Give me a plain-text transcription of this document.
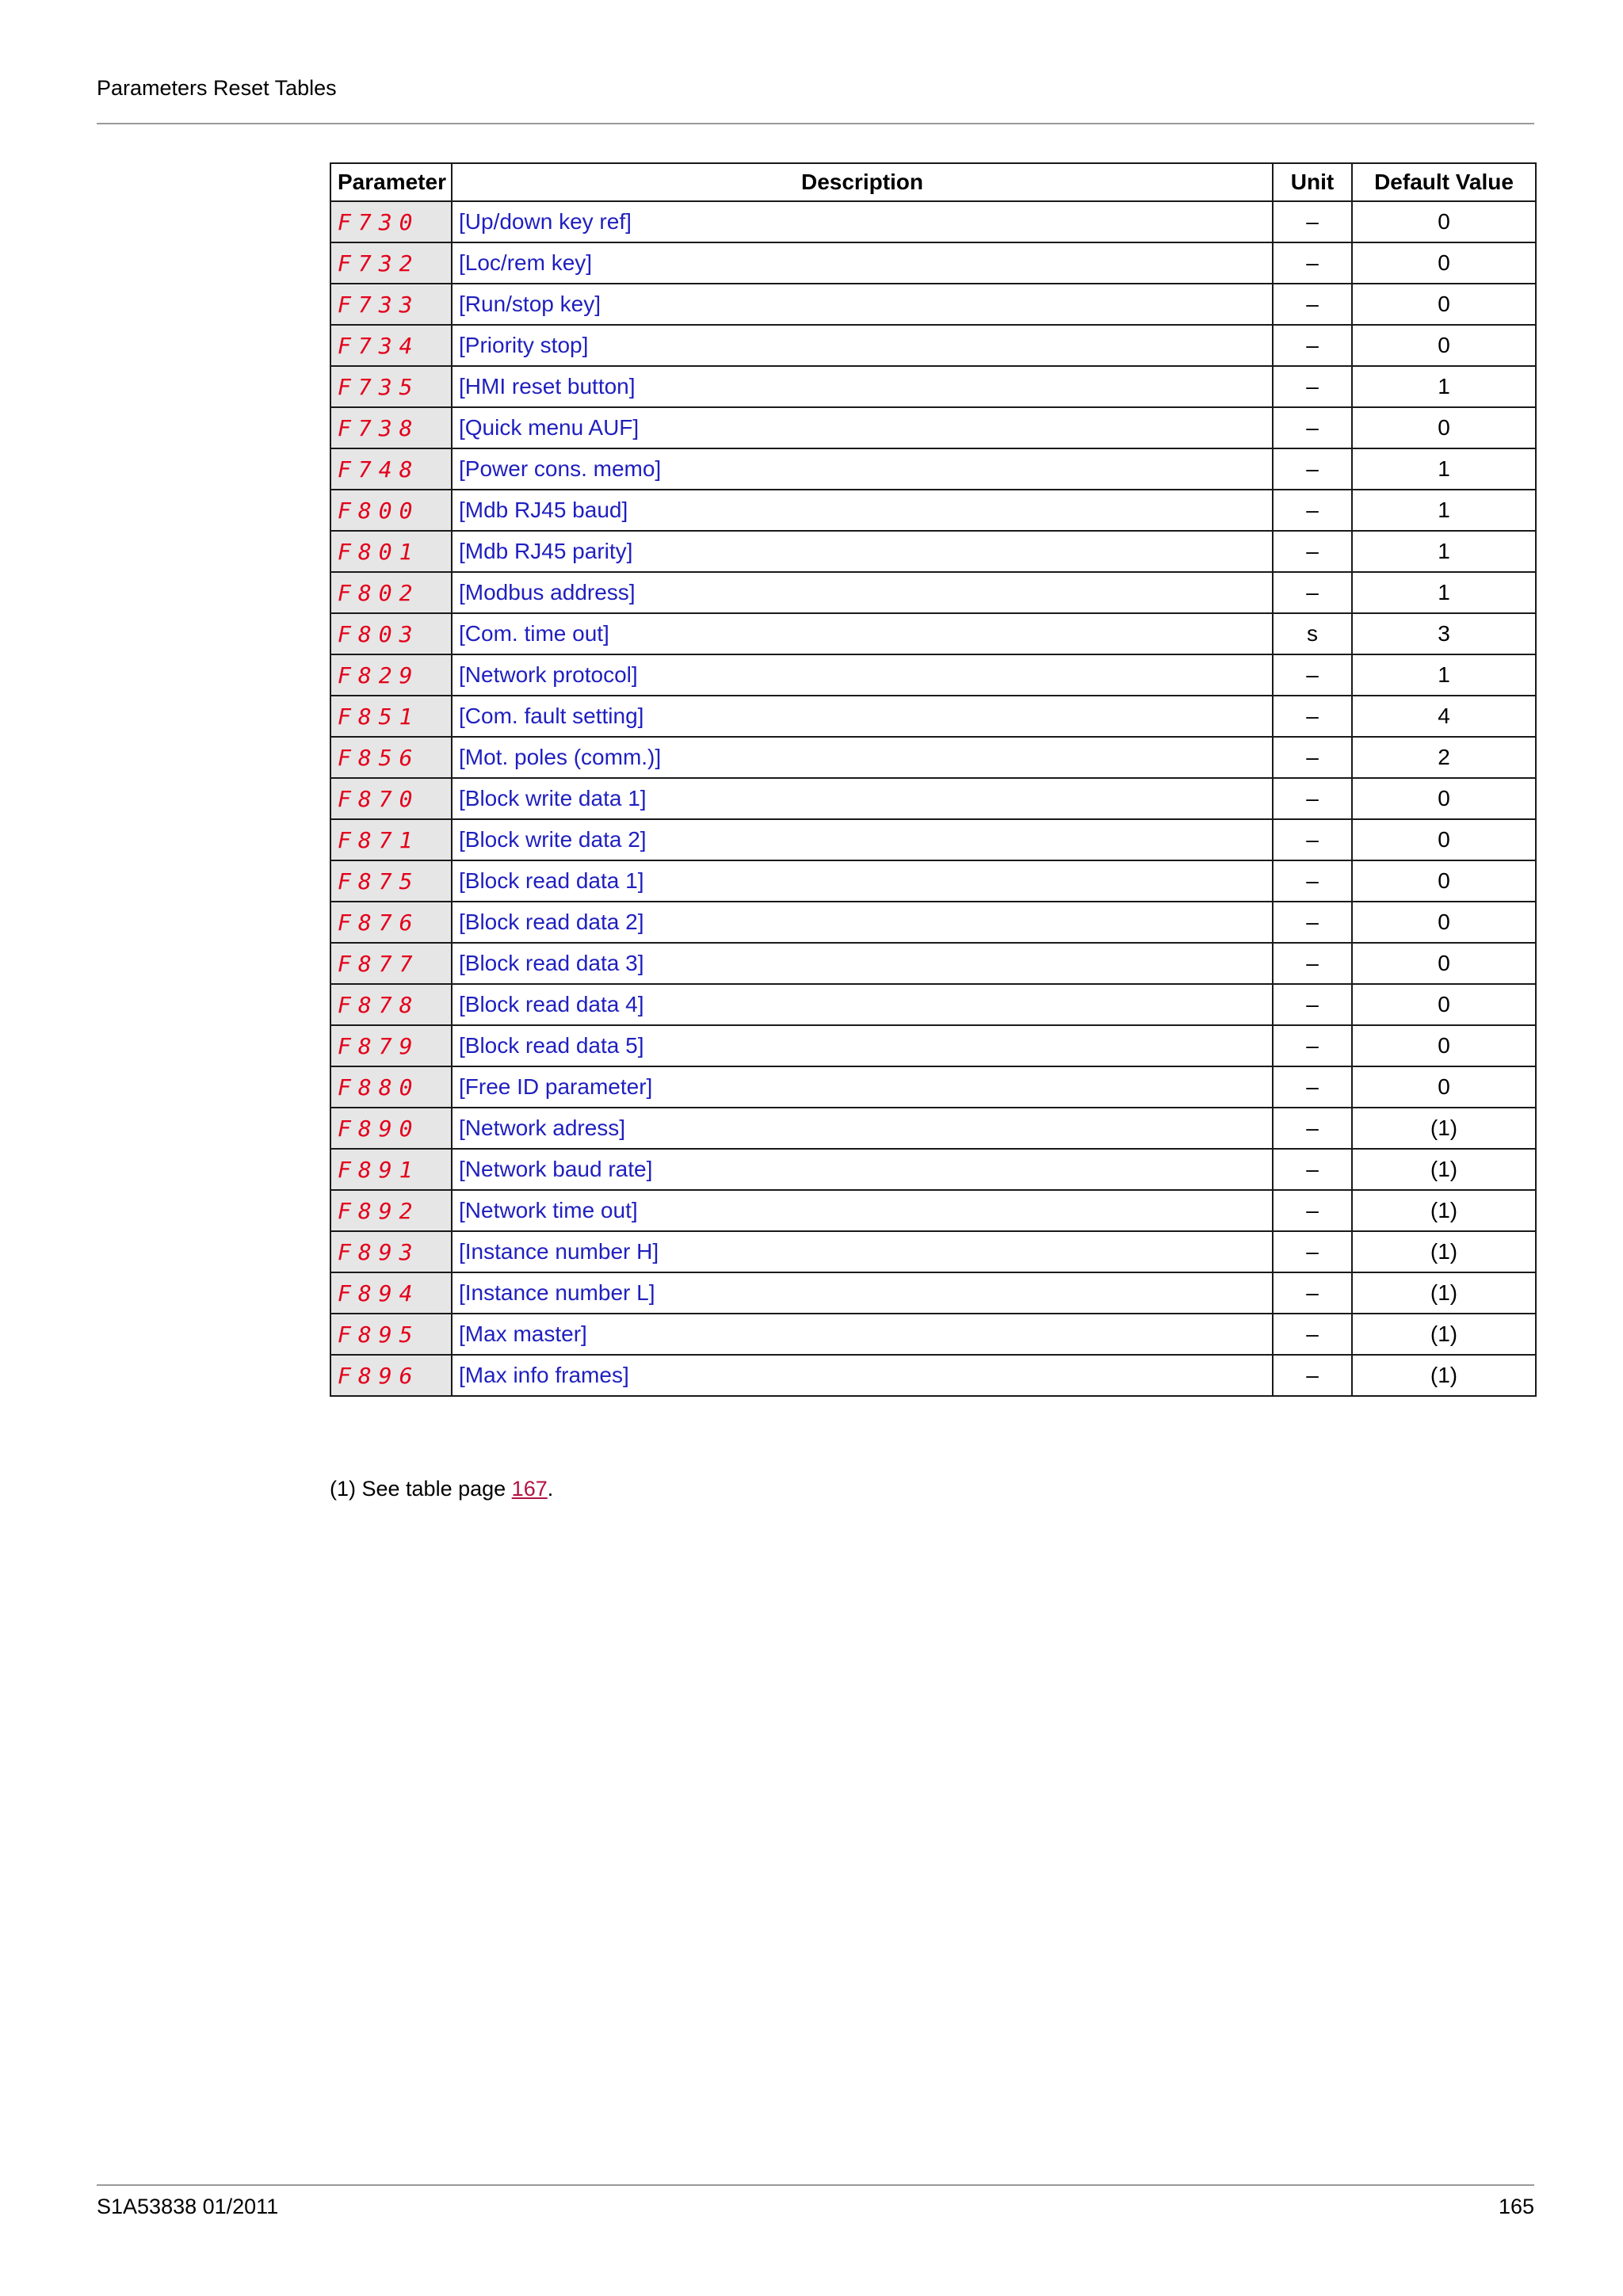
Parameters Reset Tables
Parameter	Description	Unit	Default Value
F730	[Up/down key ref]	–	0
F732	[Loc/rem key]	–	0
F733	[Run/stop key]	–	0
F734	[Priority stop]	–	0
F735	[HMI reset button]	–	1
F738	[Quick menu AUF]	–	0
F748	[Power cons. memo]	–	1
F800	[Mdb RJ45 baud]	–	1
F801	[Mdb RJ45 parity]	–	1
F802	[Modbus address]	–	1
F803	[Com. time out]	s	3
F829	[Network protocol]	–	1
F851	[Com. fault setting]	–	4
F856	[Mot. poles (comm.)]	–	2
F870	[Block write data 1]	–	0
F871	[Block write data 2]	–	0
F875	[Block read data 1]	–	0
F876	[Block read data 2]	–	0
F877	[Block read data 3]	–	0
F878	[Block read data 4]	–	0
F879	[Block read data 5]	–	0
F880	[Free ID parameter]	–	0
F890	[Network adress]	–	(1)
F891	[Network baud rate]	–	(1)
F892	[Network time out]	–	(1)
F893	[Instance number H]	–	(1)
F894	[Instance number L]	–	(1)
F895	[Max master]	–	(1)
F896	[Max info frames]	–	(1)
(1) See table page 167.
S1A53838 01/2011	165
